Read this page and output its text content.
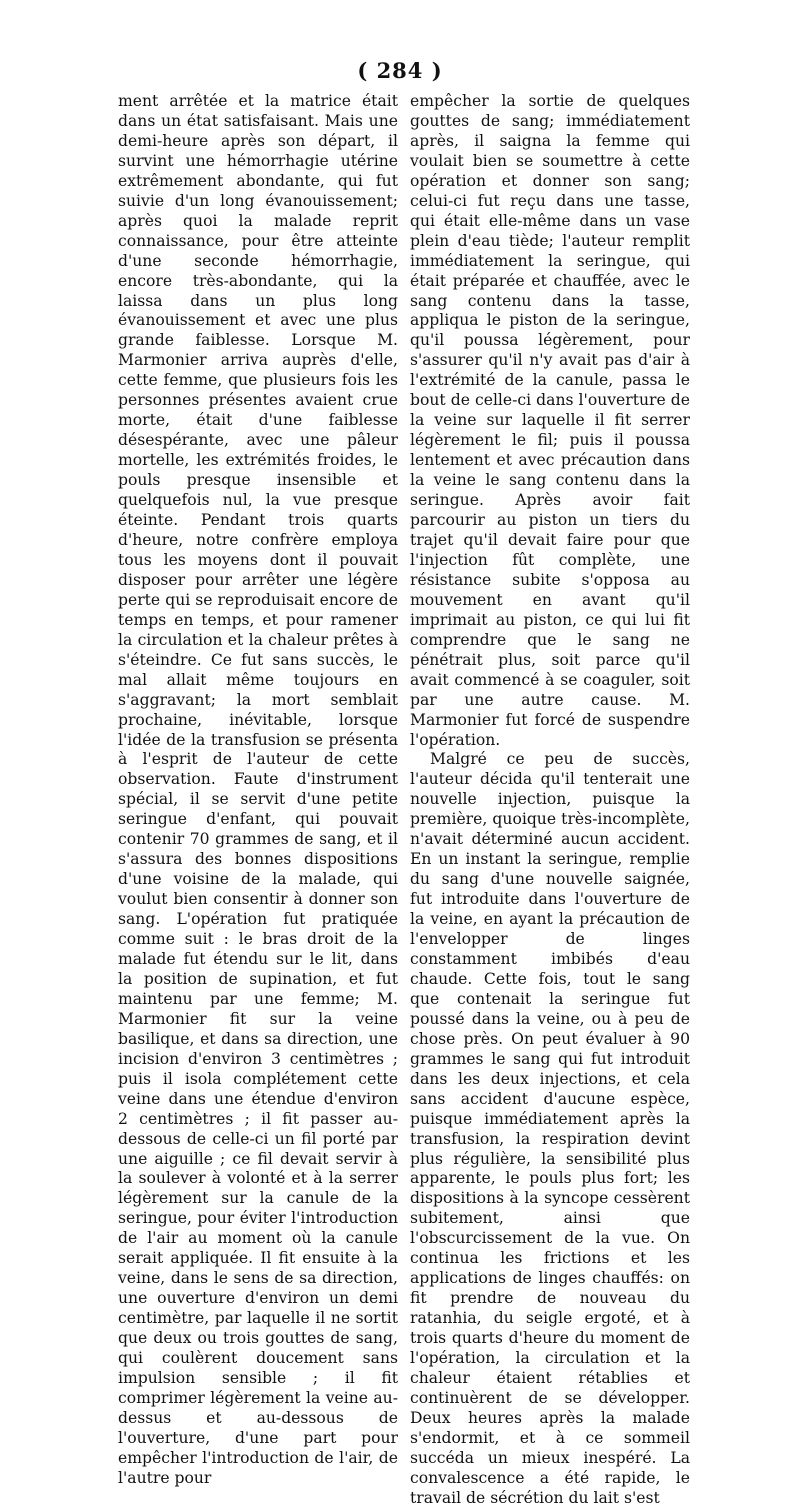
( 284 )

ment arrêtée et la matrice était dans un état satisfaisant. Mais une demi-heure après son départ, il survint une hémorrhagie utérine extrêmement abondante, qui fut suivie d'un long évanouissement; après quoi la malade reprit connaissance, pour être atteinte d'une seconde hémorrhagie, encore très-abondante, qui la laissa dans un plus long évanouissement et avec une plus grande faiblesse. Lorsque M. Marmonier arriva auprès d'elle, cette femme, que plusieurs fois les personnes présentes avaient crue morte, était d'une faiblesse désespérante, avec une pâleur mortelle, les extrémités froides, le pouls presque insensible et quelquefois nul, la vue presque éteinte. Pendant trois quarts d'heure, notre confrère employa tous les moyens dont il pouvait disposer pour arrêter une légère perte qui se reproduisait encore de temps en temps, et pour ramener la circulation et la chaleur prêtes à s'éteindre. Ce fut sans succès, le mal allait même toujours en s'aggravant; la mort semblait prochaine, inévitable, lorsque l'idée de la transfusion se présenta à l'esprit de l'auteur de cette observation. Faute d'instrument spécial, il se servit d'une petite seringue d'enfant, qui pouvait contenir 70 grammes de sang, et il s'assura des bonnes dispositions d'une voisine de la malade, qui voulut bien consentir à donner son sang. L'opération fut pratiquée comme suit : le bras droit de la malade fut étendu sur le lit, dans la position de supination, et fut maintenu par une femme; M. Marmonier fit sur la veine basilique, et dans sa direction, une incision d'environ 3 centimètres ; puis il isola complétement cette veine dans une étendue d'environ 2 centimètres ; il fit passer au-dessous de celle-ci un fil porté par une aiguille ; ce fil devait servir à la soulever à volonté et à la serrer légèrement sur la canule de la seringue, pour éviter l'introduction de l'air au moment où la canule serait appliquée. Il fit ensuite à la veine, dans le sens de sa direction, une ouverture d'environ un demi centimètre, par laquelle il ne sortit que deux ou trois gouttes de sang, qui coulèrent doucement sans impulsion sensible ; il fit comprimer légèrement la veine au-dessus et au-dessous de l'ouverture, d'une part pour empêcher l'introduction de l'air, de l'autre pour

empêcher la sortie de quelques gouttes de sang; immédiatement après, il saigna la femme qui voulait bien se soumettre à cette opération et donner son sang; celui-ci fut reçu dans une tasse, qui était elle-même dans un vase plein d'eau tiède; l'auteur remplit immédiatement la seringue, qui était préparée et chauffée, avec le sang contenu dans la tasse, appliqua le piston de la seringue, qu'il poussa légèrement, pour s'assurer qu'il n'y avait pas d'air à l'extrémité de la canule, passa le bout de celle-ci dans l'ouverture de la veine sur laquelle il fit serrer légèrement le fil; puis il poussa lentement et avec précaution dans la veine le sang contenu dans la seringue. Après avoir fait parcourir au piston un tiers du trajet qu'il devait faire pour que l'injection fût complète, une résistance subite s'opposa au mouvement en avant qu'il imprimait au piston, ce qui lui fit comprendre que le sang ne pénétrait plus, soit parce qu'il avait commencé à se coaguler, soit par une autre cause. M. Marmonier fut forcé de suspendre l'opération.

Malgré ce peu de succès, l'auteur décida qu'il tenterait une nouvelle injection, puisque la première, quoique très-incomplète, n'avait déterminé aucun accident. En un instant la seringue, remplie du sang d'une nouvelle saignée, fut introduite dans l'ouverture de la veine, en ayant la précaution de l'envelopper de linges constamment imbibés d'eau chaude. Cette fois, tout le sang que contenait la seringue fut poussé dans la veine, ou à peu de chose près. On peut évaluer à 90 grammes le sang qui fut introduit dans les deux injections, et cela sans accident d'aucune espèce, puisque immédiatement après la transfusion, la respiration devint plus régulière, la sensibilité plus apparente, le pouls plus fort; les dispositions à la syncope cessèrent subitement, ainsi que l'obscurcissement de la vue. On continua les frictions et les applications de linges chauffés: on fit prendre de nouveau du ratanhia, du seigle ergoté, et à trois quarts d'heure du moment de l'opération, la circulation et la chaleur étaient rétablies et continuèrent de se développer. Deux heures après la malade s'endormit, et à ce sommeil succéda un mieux inespéré. La convalescence a été rapide, le travail de sécrétion du lait s'est
